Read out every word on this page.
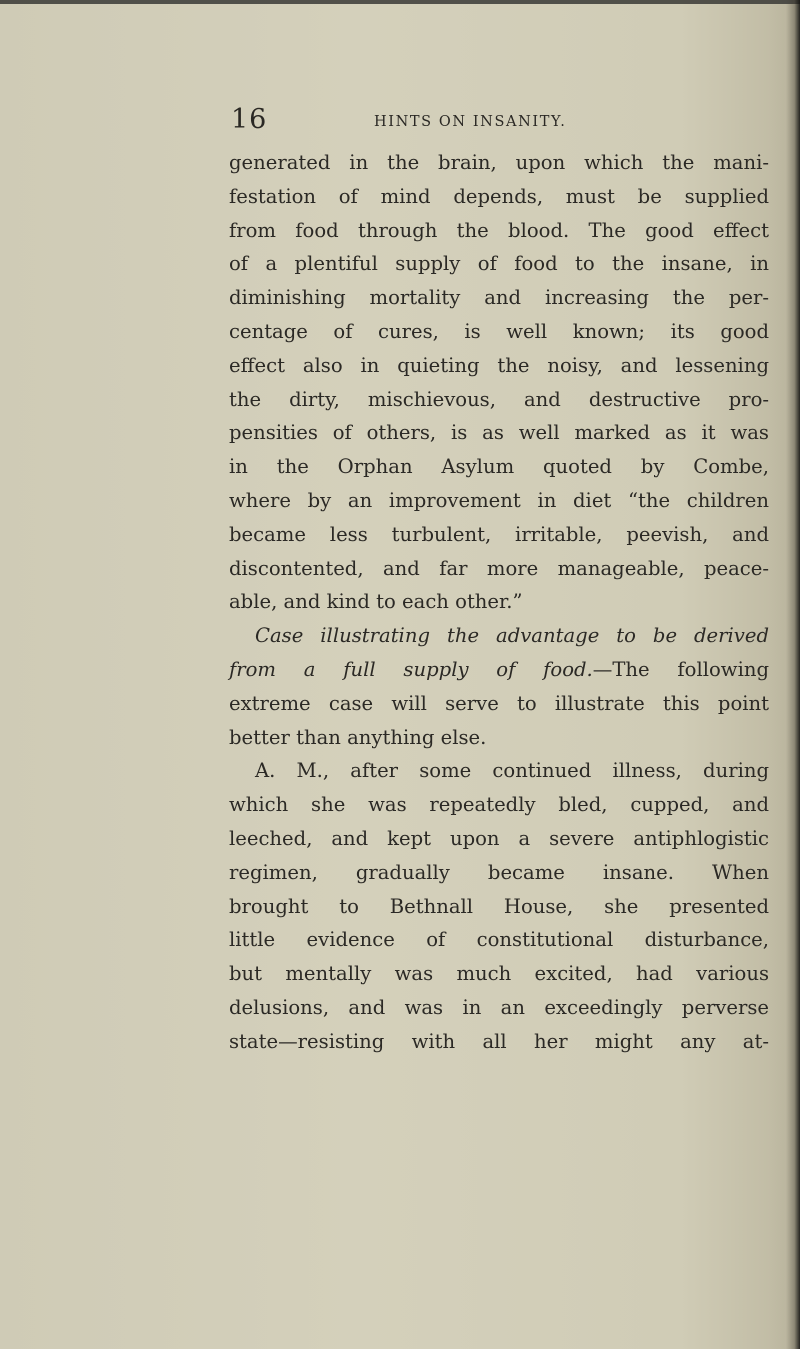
16	HINTS ON INSANITY.
generated in the brain, upon which the mani-
festation of mind depends, must be supplied
from food through the blood. The good effect
of a plentiful supply of food to the insane, in
diminishing mortality and increasing the per-
centage of cures, is well known; its good
effect also in quieting the noisy, and lessening
the dirty, mischievous, and destructive pro-
pensities of others, is as well marked as it was
in the Orphan Asylum quoted by Combe,
where by an improvement in diet “the children
became less turbulent, irritable, peevish, and
discontented, and far more manageable, peace-
able, and kind to each other.”
Case illustrating the advantage to be derived
from a full supply of food.—The following
extreme case will serve to illustrate this point
better than anything else.
A. M., after some continued illness, during
which she was repeatedly bled, cupped, and
leeched, and kept upon a severe antiphlogistic
regimen, gradually became insane. When
brought to Bethnall House, she presented
little evidence of constitutional disturbance,
but mentally was much excited, had various
delusions, and was in an exceedingly perverse
state—resisting with all her might any at-
